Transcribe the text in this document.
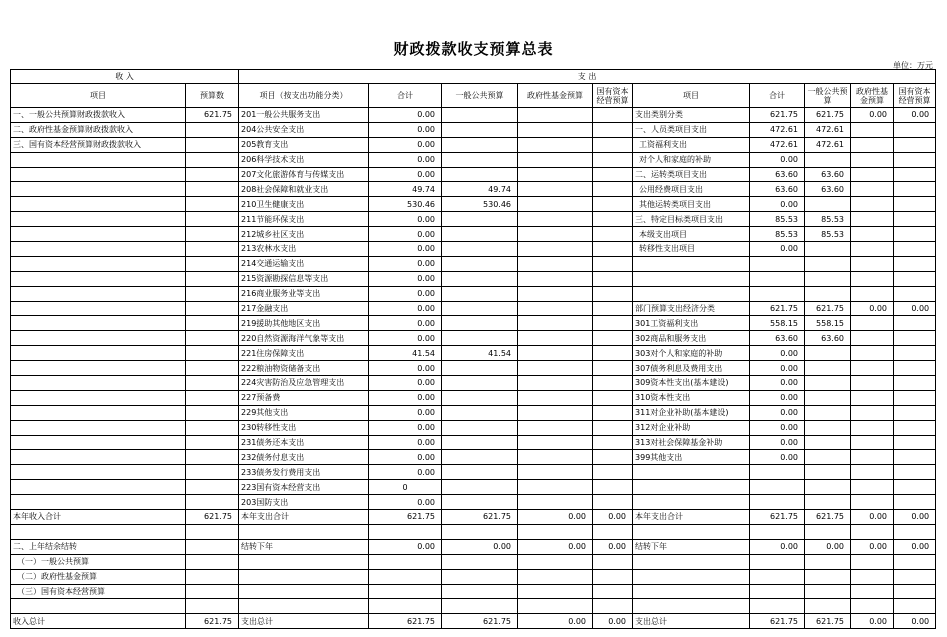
财政拨款收支预算总表
单位：万元
收 入		支 出									
项目	预算数	项目（按支出功能分类）	合计	一般公共预算	政府性基金预算	国有资本经营预算	项目	合计	一般公共预算	政府性基金预算	国有资本经营预算
一、一般公共预算财政拨款收入	621.75	201一般公共服务支出	0.00				支出类别分类	621.75	621.75	0.00	0.00
二、政府性基金预算财政拨款收入		204公共安全支出	0.00				一、人员类项目支出	472.61	472.61		
三、国有资本经营预算财政拨款收入		205教育支出	0.00				工资福利支出	472.61	472.61		
		206科学技术支出	0.00				对个人和家庭的补助	0.00			
		207文化旅游体育与传媒支出	0.00				二、运转类项目支出	63.60	63.60		
		208社会保障和就业支出	49.74	49.74			公用经费项目支出	63.60	63.60		
		210卫生健康支出	530.46	530.46			其他运转类项目支出	0.00			
		211节能环保支出	0.00				三、特定目标类项目支出	85.53	85.53		
		212城乡社区支出	0.00				本级支出项目	85.53	85.53		
		213农林水支出	0.00				转移性支出项目	0.00			
		214交通运输支出	0.00								
		215资源勘探信息等支出	0.00								
		216商业服务业等支出	0.00								
		217金融支出	0.00				部门预算支出经济分类	621.75	621.75	0.00	0.00
		219援助其他地区支出	0.00				301工资福利支出	558.15	558.15		
		220自然资源海洋气象等支出	0.00				302商品和服务支出	63.60	63.60		
		221住房保障支出	41.54	41.54			303对个人和家庭的补助	0.00			
		222粮油物资储备支出	0.00				307债务利息及费用支出	0.00			
		224灾害防治及应急管理支出	0.00				309资本性支出(基本建设)	0.00			
		227预备费	0.00				310资本性支出	0.00			
		229其他支出	0.00				311对企业补助(基本建设)	0.00			
		230转移性支出	0.00				312对企业补助	0.00			
		231债务还本支出	0.00				313对社会保障基金补助	0.00			
		232债务付息支出	0.00				399其他支出	0.00			
		233债务发行费用支出	0.00								
		223国有资本经营支出	0								
		203国防支出	0.00								
本年收入合计	621.75	本年支出合计	621.75	621.75	0.00	0.00	本年支出合计	621.75	621.75	0.00	0.00

二、上年结余结转		结转下年	0.00	0.00	0.00	0.00	结转下年	0.00	0.00	0.00	0.00
（一）一般公共预算											
（二）政府性基金预算											
（三）国有资本经营预算											

收入总计	621.75	支出总计	621.75	621.75	0.00	0.00	支出总计	621.75	621.75	0.00	0.00
